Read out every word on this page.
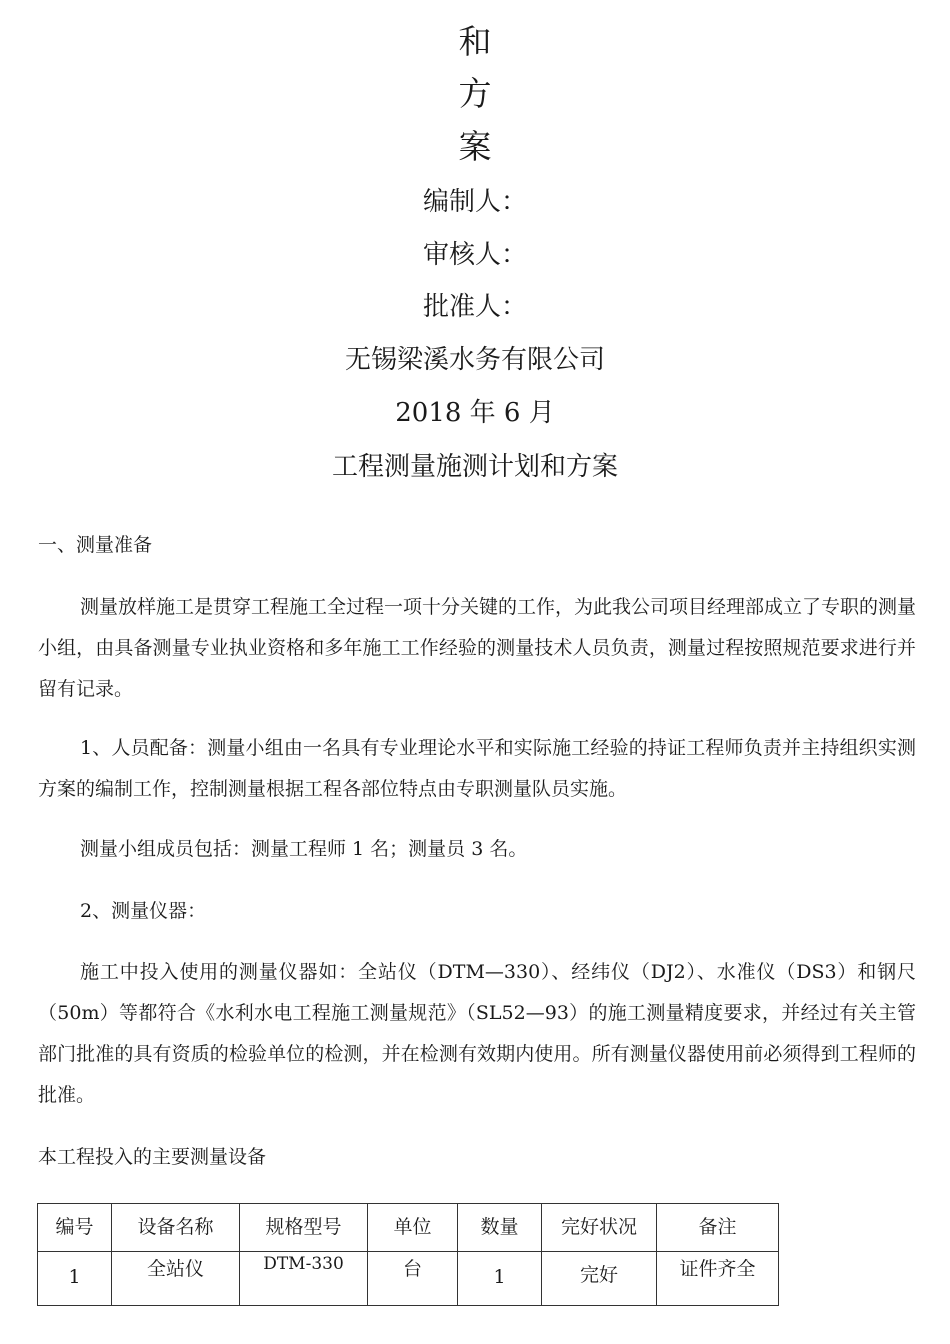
和
方
案
编制人：
审核人：
批准人：
无锡梁溪水务有限公司
2018 年 6 月
工程测量施测计划和方案
一、测量准备
测量放样施工是贯穿工程施工全过程一项十分关键的工作，为此我公司项目经理部成立了专职的测量小组，由具备测量专业执业资格和多年施工工作经验的测量技术人员负责，测量过程按照规范要求进行并留有记录。
1、人员配备：测量小组由一名具有专业理论水平和实际施工经验的持证工程师负责并主持组织实测方案的编制工作，控制测量根据工程各部位特点由专职测量队员实施。
测量小组成员包括：测量工程师 1 名；测量员 3 名。
2、测量仪器：
施工中投入使用的测量仪器如：全站仪（DTM—330）、经纬仪（DJ2）、水准仪（DS3）和钢尺（50m）等都符合《水利水电工程施工测量规范》（SL52—93）的施工测量精度要求，并经过有关主管部门批准的具有资质的检验单位的检测，并在检测有效期内使用。所有测量仪器使用前必须得到工程师的批准。
本工程投入的主要测量设备
编号	设备名称	规格型号	单位	数量	完好状况	备注
1	全站仪	DTM-330	台	1	完好	证件齐全
